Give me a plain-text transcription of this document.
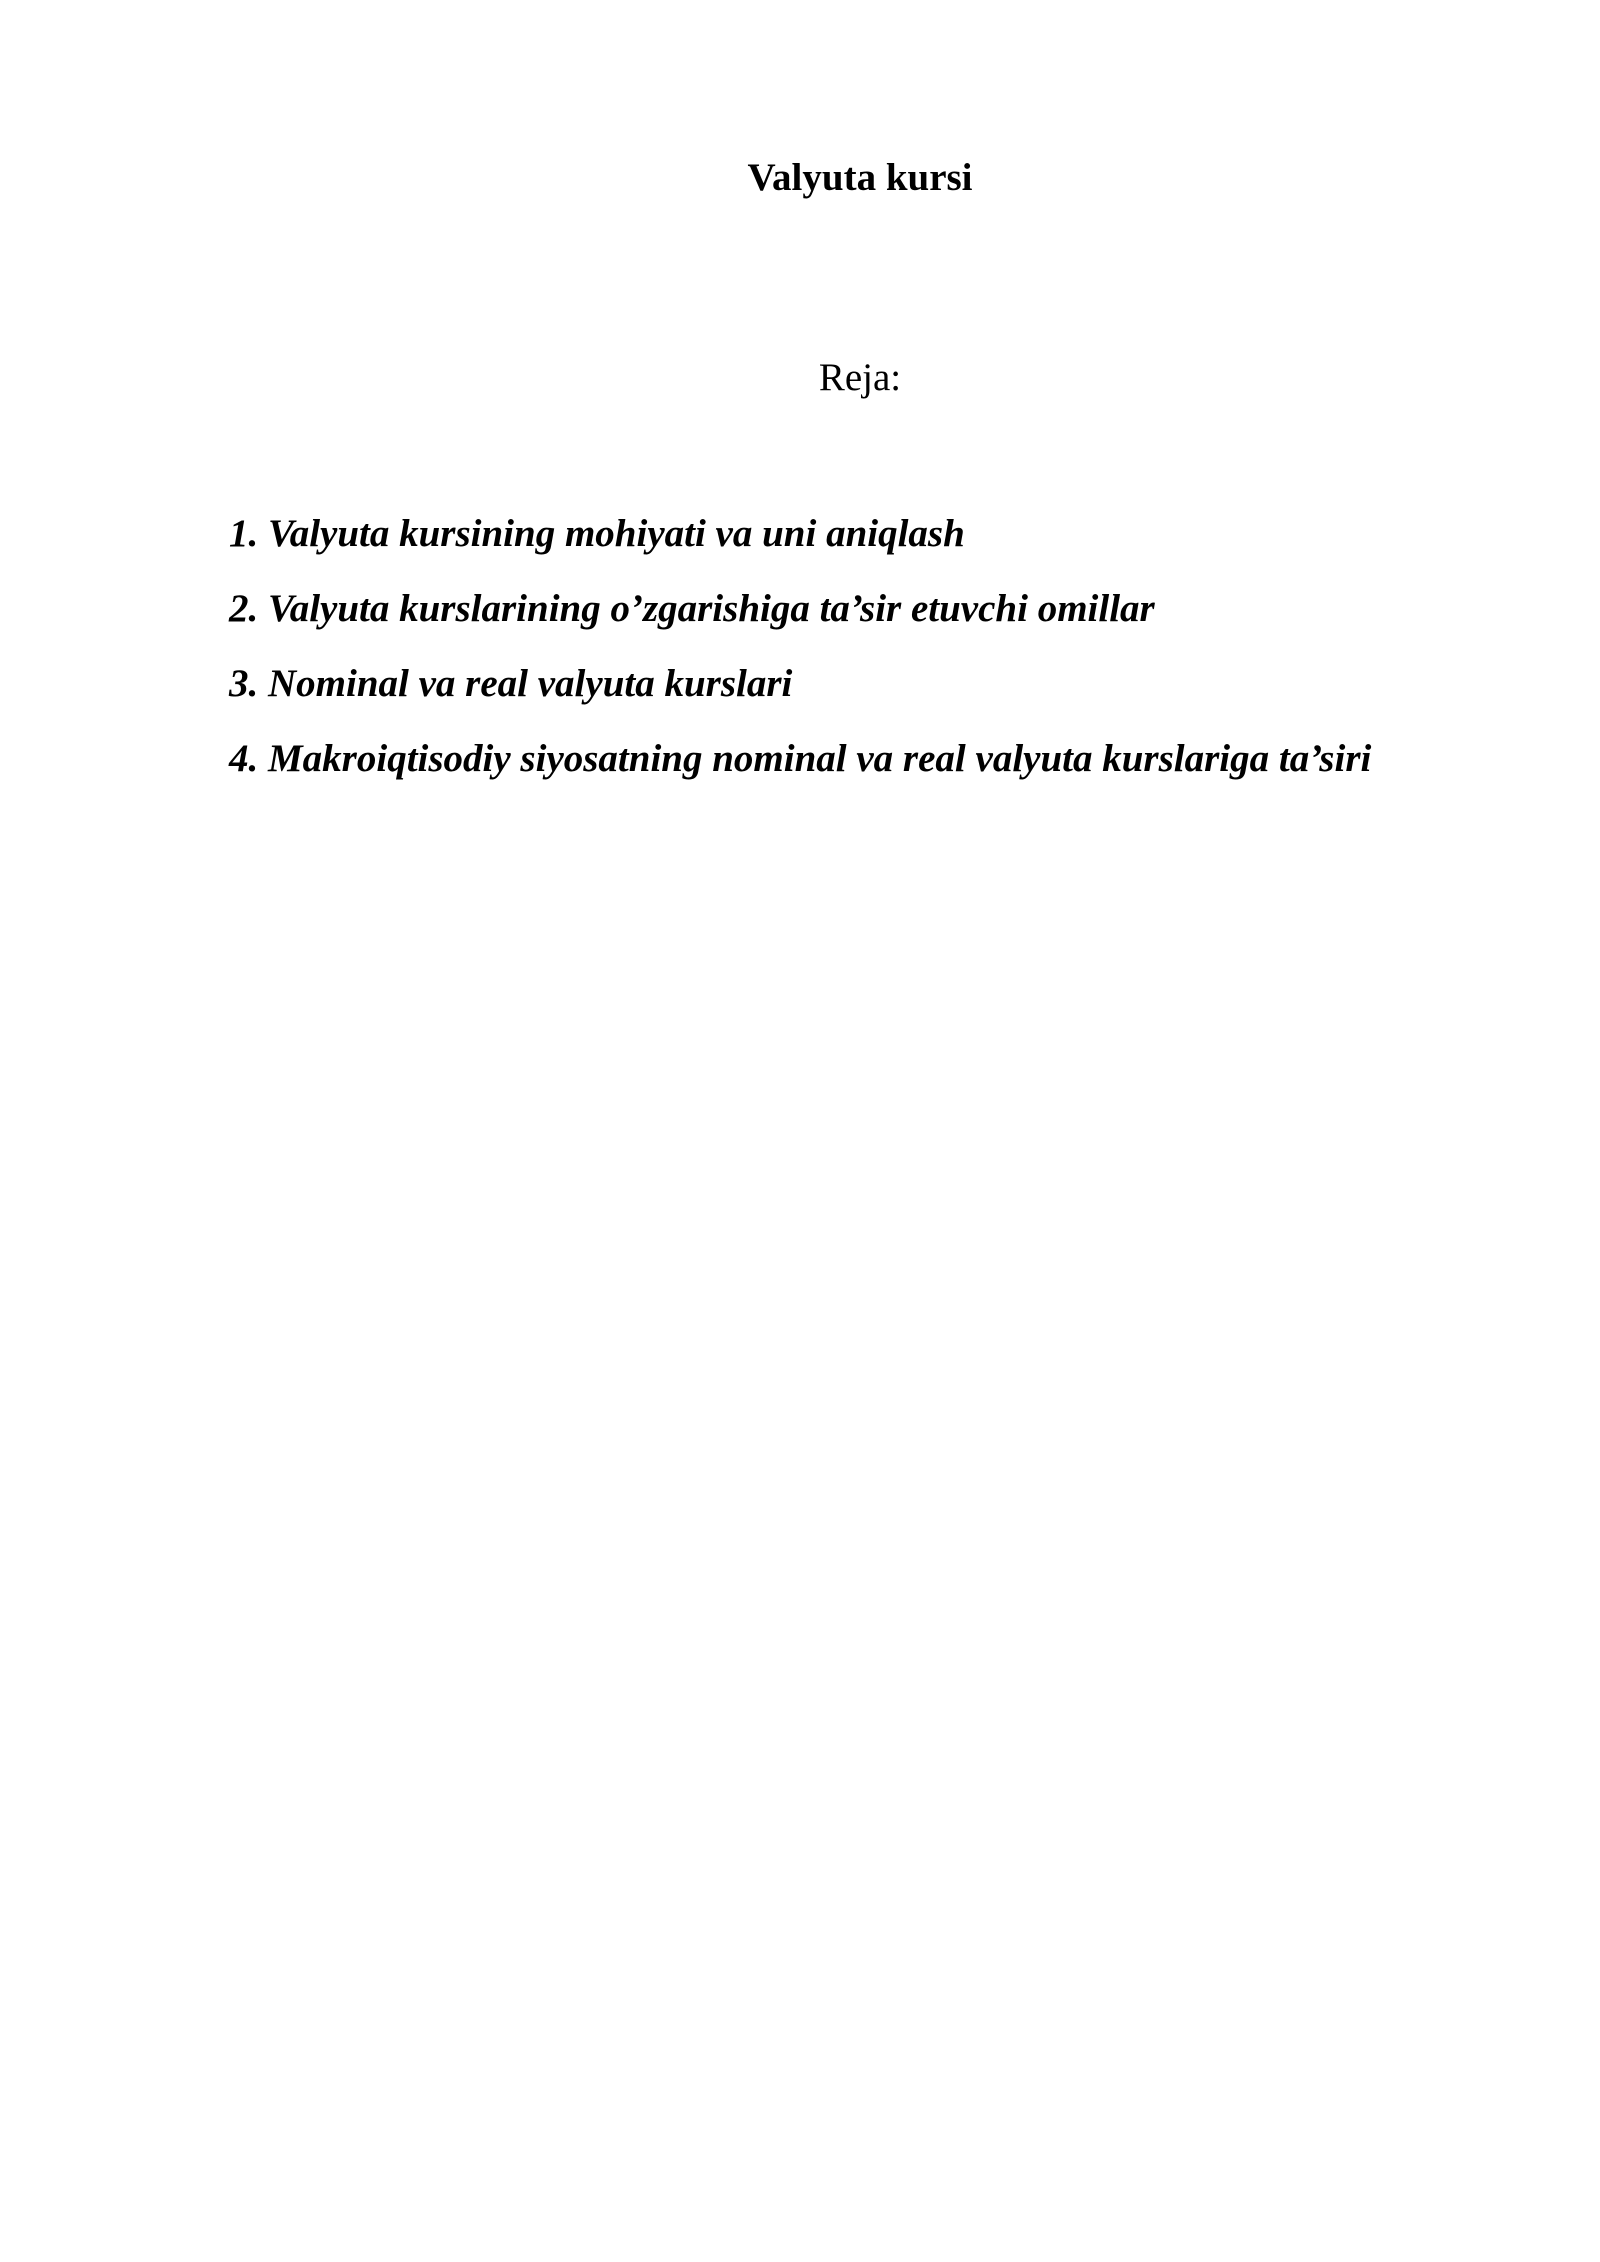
Valyuta kursi
Reja:
1. Valyuta kursining mohiyati va uni aniqlash
2. Valyuta kurslarining o’zgarishiga ta’sir etuvchi omillar
3. Nominal va real valyuta kurslari
4. Makroiqtisodiy siyosatning nominal va real valyuta kurslariga ta’siri
